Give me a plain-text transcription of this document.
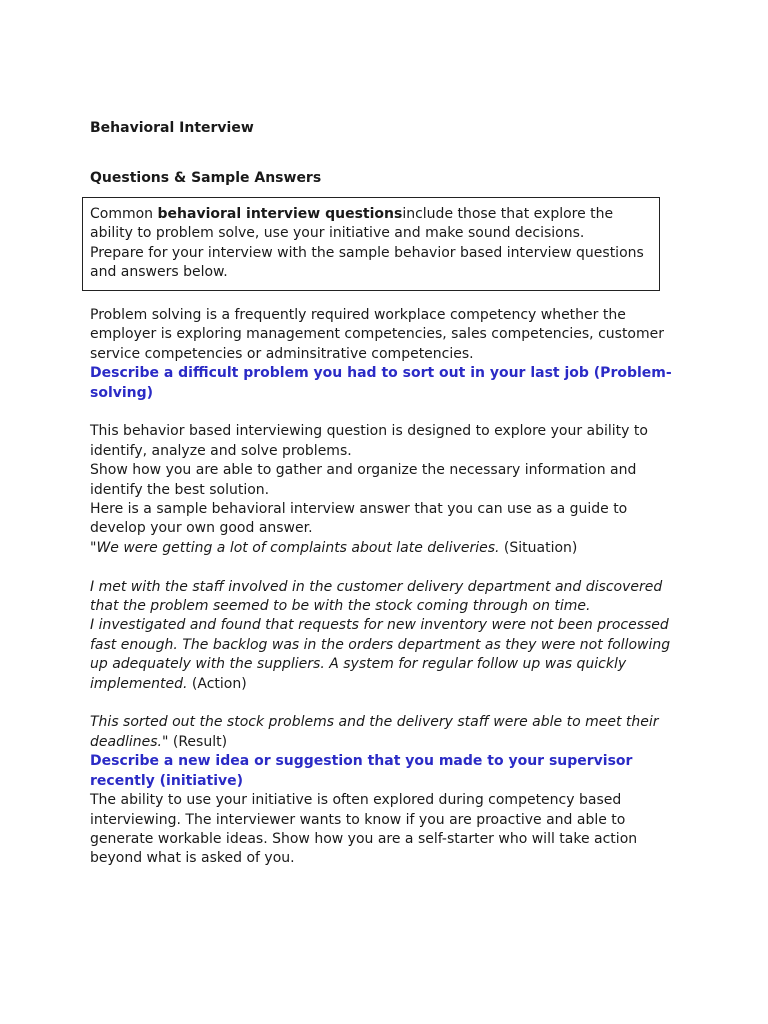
Behavioral Interview

Questions & Sample Answers

Common behavioral interview questionsinclude those that explore the ability to problem solve, use your initiative and make sound decisions.

Prepare for your interview with the sample behavior based interview questions and answers below.

Problem solving is a frequently required workplace competency whether the employer is exploring management competencies, sales competencies, customer service competencies or adminsitrative competencies.

Describe a difficult problem you had to sort out in your last job (Problem-solving)

This behavior based interviewing question is designed to explore your ability to identify, analyze and solve problems.

Show how you are able to gather and organize the necessary information and identify the best solution.

Here is a sample behavioral interview answer that you can use as a guide to develop your own good answer.

"We were getting a lot of complaints about late deliveries. (Situation)

I met with the staff involved in the customer delivery department and discovered that the problem seemed to be with the stock coming through on time.

I investigated and found that requests for new inventory were not been processed fast enough. The backlog was in the orders department as they were not following up adequately with the suppliers. A system for regular follow up was quickly implemented. (Action)

This sorted out the stock problems and the delivery staff were able to meet their deadlines." (Result)

Describe a new idea or suggestion that you made to your supervisor recently (initiative)

The ability to use your initiative is often explored during competency based interviewing. The interviewer wants to know if you are proactive and able to generate workable ideas. Show how you are a self-starter who will take action beyond what is asked of you.
